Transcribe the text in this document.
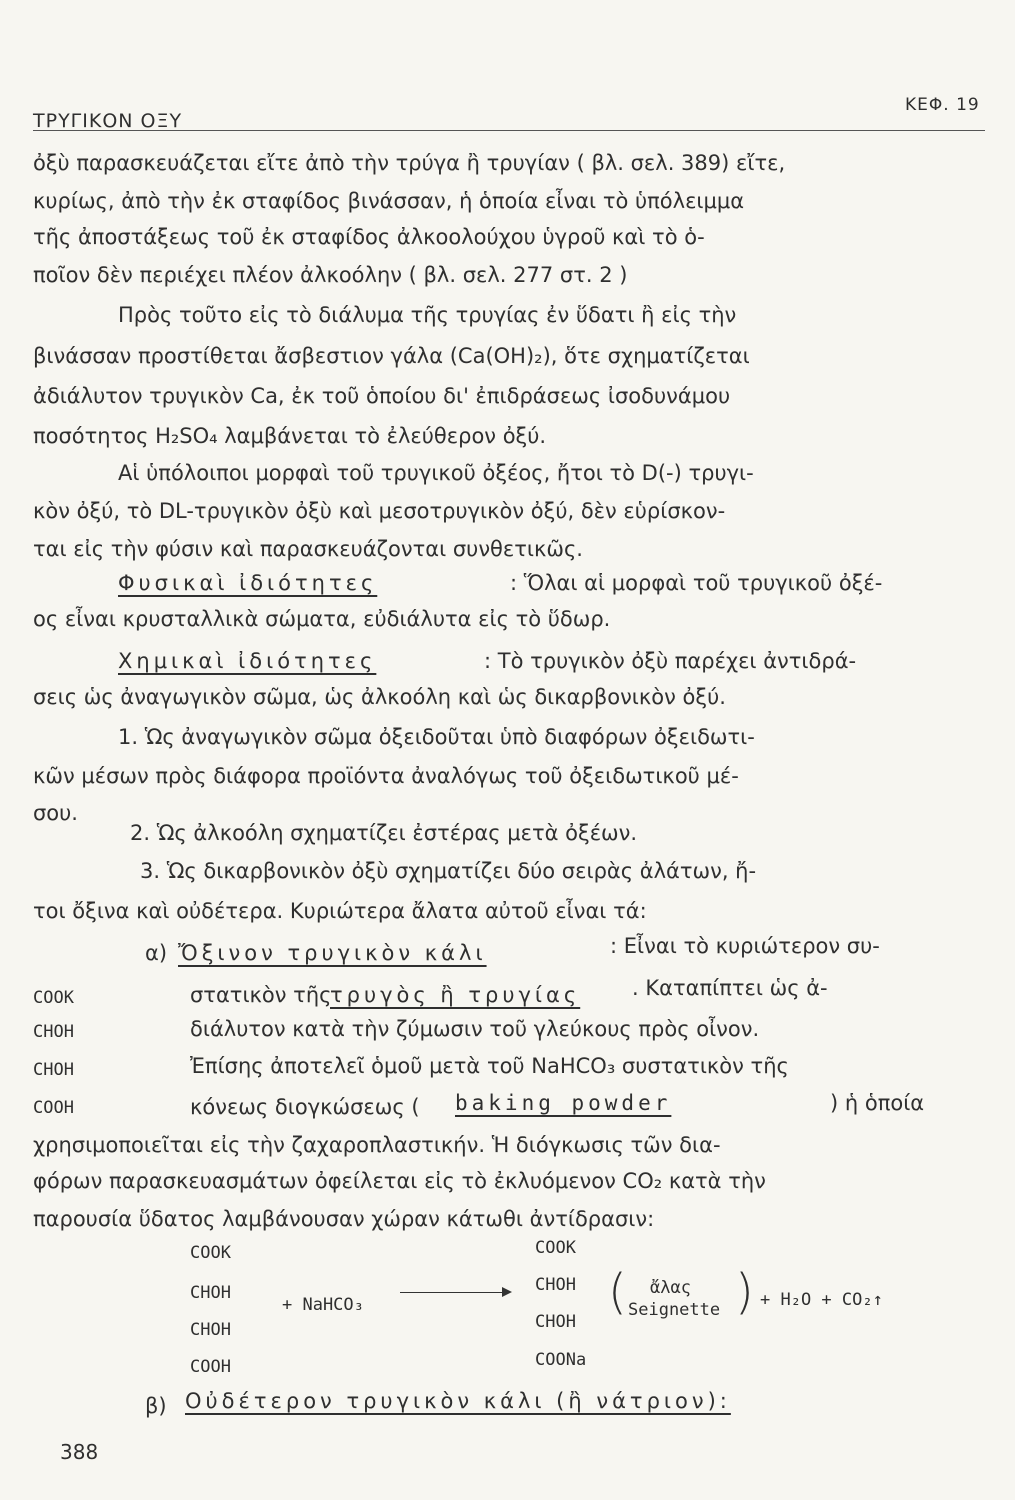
ΤΡΥΓΙΚΟΝ ΟΞΥ
ΚΕΦ. 19
ὀξὺ παρασκευάζεται εἴτε ἀπὸ τὴν τρύγα ἢ τρυγίαν ( βλ. σελ. 389) εἴτε,
κυρίως, ἀπὸ τὴν ἐκ σταφίδος βινάσσαν, ἡ ὁποία εἶναι τὸ ὑπόλειμμα
τῆς ἀποστάξεως τοῦ ἐκ σταφίδος ἀλκοολούχου ὑγροῦ καὶ τὸ ὁ-
ποῖον δὲν περιέχει πλέον ἀλκοόλην ( βλ. σελ. 277 στ. 2 )
Πρὸς τοῦτο εἰς τὸ διάλυμα τῆς τρυγίας ἐν ὕδατι ἢ εἰς τὴν
βινάσσαν προστίθεται ἄσβεστιον γάλα (Ca(OH)₂), ὅτε σχηματίζεται
ἀδιάλυτον τρυγικὸν Ca, ἐκ τοῦ ὁποίου δι' ἐπιδράσεως ἰσοδυνάμου
ποσότητος H₂SO₄ λαμβάνεται τὸ ἐλεύθερον ὀξύ.
Αἱ ὑπόλοιποι μορφαὶ τοῦ τρυγικοῦ ὀξέος, ἤτοι τὸ D(-) τρυγι-
κὸν ὀξύ, τὸ DL-τρυγικὸν ὀξὺ καὶ μεσοτρυγικὸν ὀξύ, δὲν εὑρίσκον-
ται εἰς τὴν φύσιν καὶ παρασκευάζονται συνθετικῶς.
Φυσικαὶ ἰδιότητες	: Ὅλαι αἱ μορφαὶ τοῦ τρυγικοῦ ὀξέ-
ος εἶναι κρυσταλλικὰ σώματα, εὐδιάλυτα εἰς τὸ ὕδωρ.
Χημικαὶ ἰδιότητες	: Τὸ τρυγικὸν ὀξὺ παρέχει ἀντιδρά-
σεις ὡς ἀναγωγικὸν σῶμα, ὡς ἀλκοόλη καὶ ὡς δικαρβονικὸν ὀξύ.
1. Ὡς ἀναγωγικὸν σῶμα ὀξειδοῦται ὑπὸ διαφόρων ὀξειδωτι-
κῶν μέσων πρὸς διάφορα προϊόντα ἀναλόγως τοῦ ὀξειδωτικοῦ μέ-
σου.
2. Ὡς ἀλκοόλη σχηματίζει ἐστέρας μετὰ ὀξέων.
3. Ὡς δικαρβονικὸν ὀξὺ σχηματίζει δύο σειρὰς ἀλάτων, ἤ-
τοι ὄξινα καὶ οὐδέτερα. Κυριώτερα ἄλατα αὐτοῦ εἶναι τά:
α) Ὄξινον τρυγικὸν κάλι	: Εἶναι τὸ κυριώτερον συ-
στατικὸν τῆς
τρυγὸς ἢ τρυγίας . Καταπίπτει ὡς ἀ-
διάλυτον κατὰ τὴν ζύμωσιν τοῦ γλεύκους πρὸς οἶνον.
Ἐπίσης ἀποτελεῖ ὁμοῦ μετὰ τοῦ NaHCO₃ συστατικὸν τῆς
κόνεως διογκώσεως ( baking powder	) ἡ ὁποία
χρησιμοποιεῖται εἰς τὴν ζαχαροπλαστικήν. Ἡ διόγκωσις τῶν δια-
φόρων παρασκευασμάτων ὀφείλεται εἰς τὸ ἐκλυόμενον CO₂ κατὰ τὴν
παρουσία ὕδατος λαμβάνουσαν χώραν κάτωθι ἀντίδρασιν:
COOK
CHOH
CHOH
COOH
COOK
CHOH
CHOH
COOH
+ NaHCO₃
COOK
CHOH
CHOH
COONa
( ἄλας
Seignette ) + H₂O + CO₂↑
β) Οὐδέτερον τρυγικὸν κάλι (ἢ νάτριον):
388
